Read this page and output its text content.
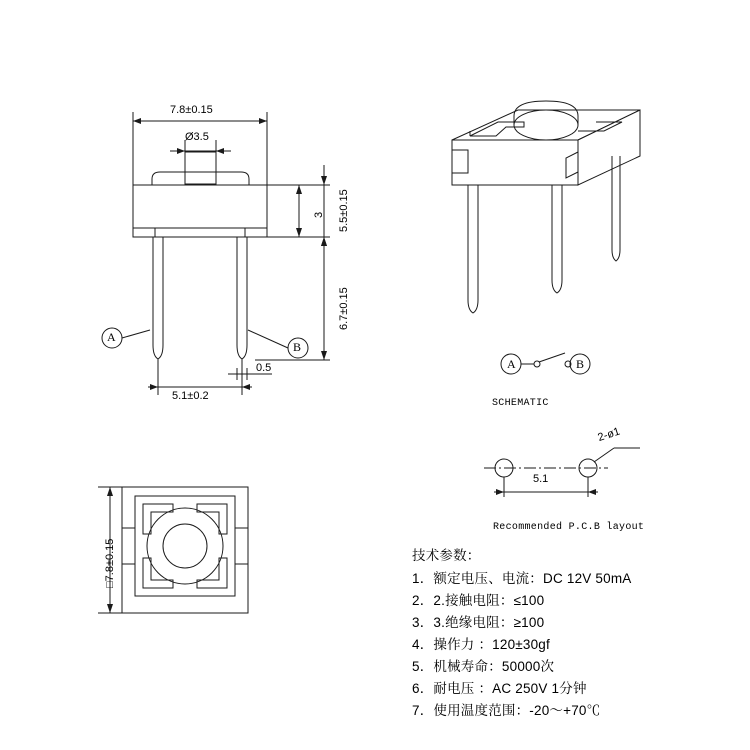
7.8±0.15
Ø3.5
5.5±0.15
3
6.7±0.15
5.1±0.2
0.5
A
B
□7.8±0.15
A	B
SCHEMATIC
5.1
2-ø1
Recommended P.C.B layout
技术参数：
1．额定电压、电流：DC 12V 50mA
2．2.接触电阻：≤100
3．3.绝缘电阻：≥100
4．操作力 ：120±30gf
5．机械寿命：50000次
6．耐电压 ：AC 250V 1分钟
7．使用温度范围：-20～+70℃
